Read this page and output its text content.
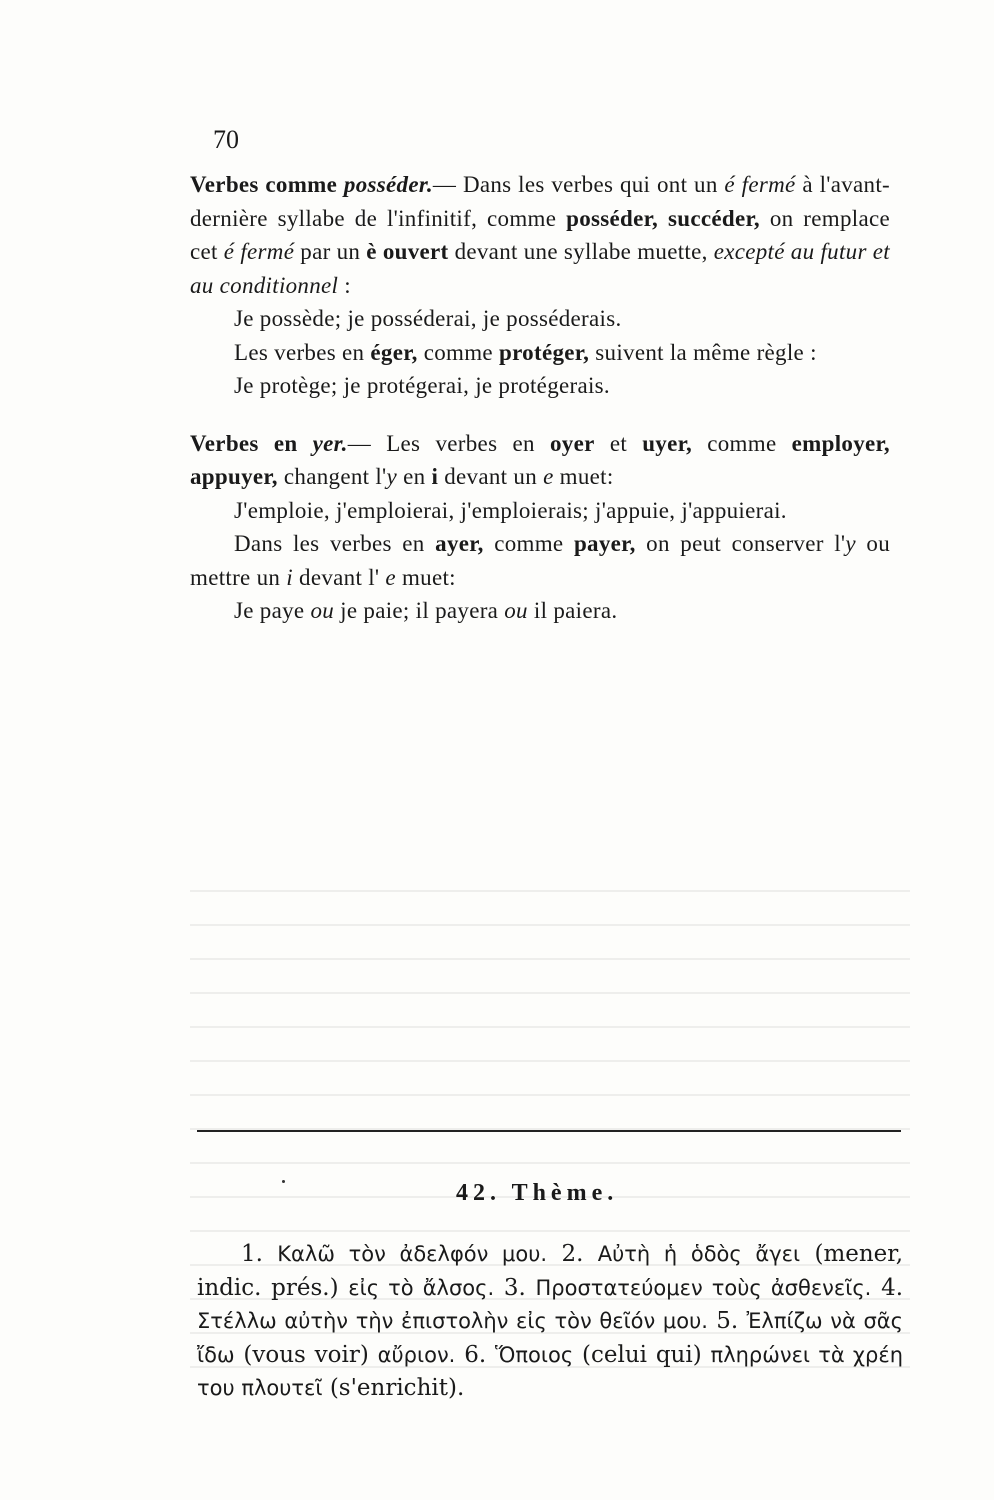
70

Verbes comme posséder.— Dans les verbes qui ont un é fermé à l'avant-dernière syllabe de l'infinitif, comme posséder, succéder, on remplace cet é fermé par un è ouvert devant une syllabe muette, excepté au futur et au conditionnel :

Je possède; je posséderai, je posséderais.

Les verbes en éger, comme protéger, suivent la même règle :

Je protège; je protégerai, je protégerais.

Verbes en yer.— Les verbes en oyer et uyer, comme employer, appuyer, changent l'y en i devant un e muet:

J'emploie, j'emploierai, j'emploierais; j'appuie, j'appuierai.

Dans les verbes en ayer, comme payer, on peut conserver l'y ou mettre un i devant l' e muet:

Je paye ou je paie; il payera ou il paiera.

42. Thème.

1. Καλῶ τὸν ἀδελφόν μου. 2. Αὐτὴ ἡ ὁδὸς ἄγει (mener, indic. prés.) εἰς τὸ ἄλσος. 3. Προστατεύομεν τοὺς ἀσθενεῖς. 4. Στέλλω αὐτὴν τὴν ἐπιστολὴν εἰς τὸν θεῖόν μου. 5. Ἐλπίζω νὰ σᾶς ἴδω (vous voir) αὔριον. 6. Ὅποιος (celui qui) πληρώνει τὰ χρέη του πλουτεῖ (s'enrichit).
